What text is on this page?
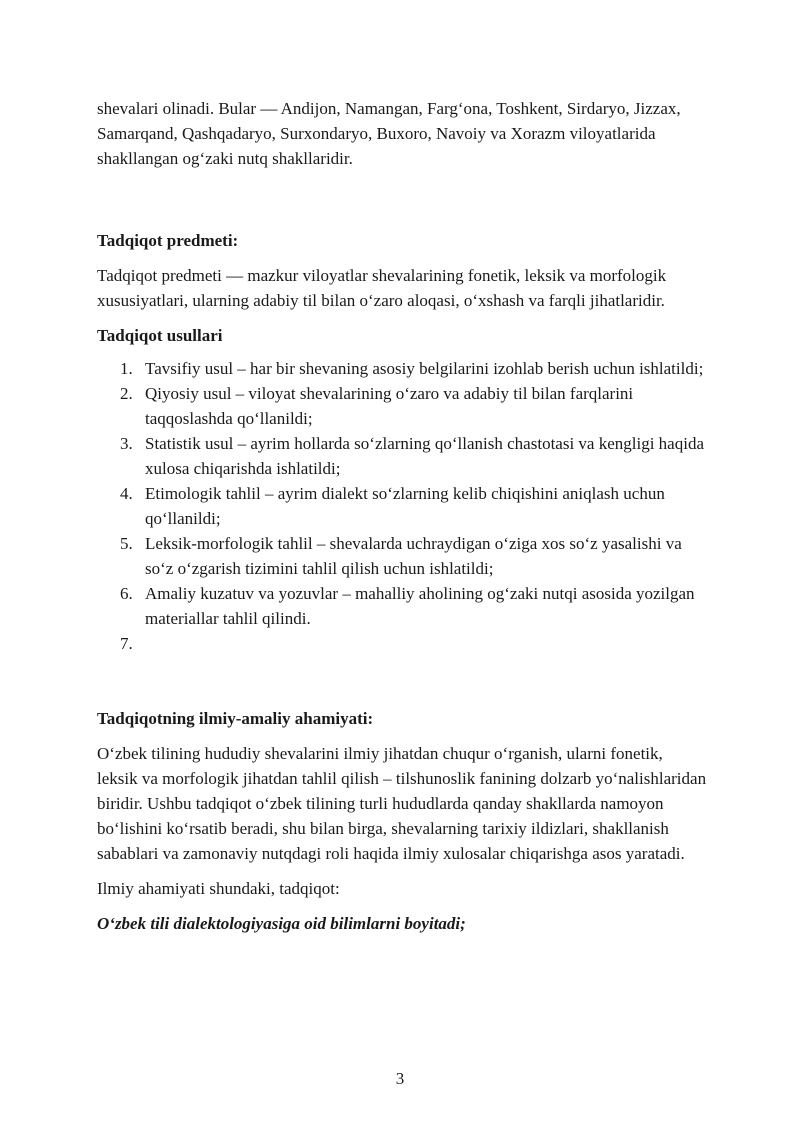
shevalari olinadi. Bular — Andijon, Namangan, Farg‘ona, Toshkent, Sirdaryo, Jizzax, Samarqand, Qashqadaryo, Surxondaryo, Buxoro, Navoiy va Xorazm viloyatlarida shakllangan og‘zaki nutq shakllaridir.

Tadqiqot predmeti:

Tadqiqot predmeti — mazkur viloyatlar shevalarining fonetik, leksik va morfologik xususiyatlari, ularning adabiy til bilan o‘zaro aloqasi, o‘xshash va farqli jihatlaridir.

Tadqiqot usullari
1. Tavsifiy usul – har bir shevaning asosiy belgilarini izohlab berish uchun ishlatildi;
2. Qiyosiy usul – viloyat shevalarining o‘zaro va adabiy til bilan farqlarini taqqoslashda qo‘llanildi;
3. Statistik usul – ayrim hollarda so‘zlarning qo‘llanish chastotasi va kengligi haqida xulosa chiqarishda ishlatildi;
4. Etimologik tahlil – ayrim dialekt so‘zlarning kelib chiqishini aniqlash uchun qo‘llanildi;
5. Leksik-morfologik tahlil – shevalarda uchraydigan o‘ziga xos so‘z yasalishi va so‘z o‘zgarish tizimini tahlil qilish uchun ishlatildi;
6. Amaliy kuzatuv va yozuvlar – mahalliy aholining og‘zaki nutqi asosida yozilgan materiallar tahlil qilindi.
7.
Tadqiqotning ilmiy-amaliy ahamiyati:

O‘zbek tilining hududiy shevalarini ilmiy jihatdan chuqur o‘rganish, ularni fonetik, leksik va morfologik jihatdan tahlil qilish – tilshunoslik fanining dolzarb yo‘nalishlaridan biridir. Ushbu tadqiqot o‘zbek tilining turli hududlarda qanday shakllarda namoyon bo‘lishini ko‘rsatib beradi, shu bilan birga, shevalarning tarixiy ildizlari, shakllanish sabablari va zamonaviy nutqdagi roli haqida ilmiy xulosalar chiqarishga asos yaratadi.

Ilmiy ahamiyati shundaki, tadqiqot:

O‘zbek tili dialektologiyasiga oid bilimlarni boyitadi;

3
